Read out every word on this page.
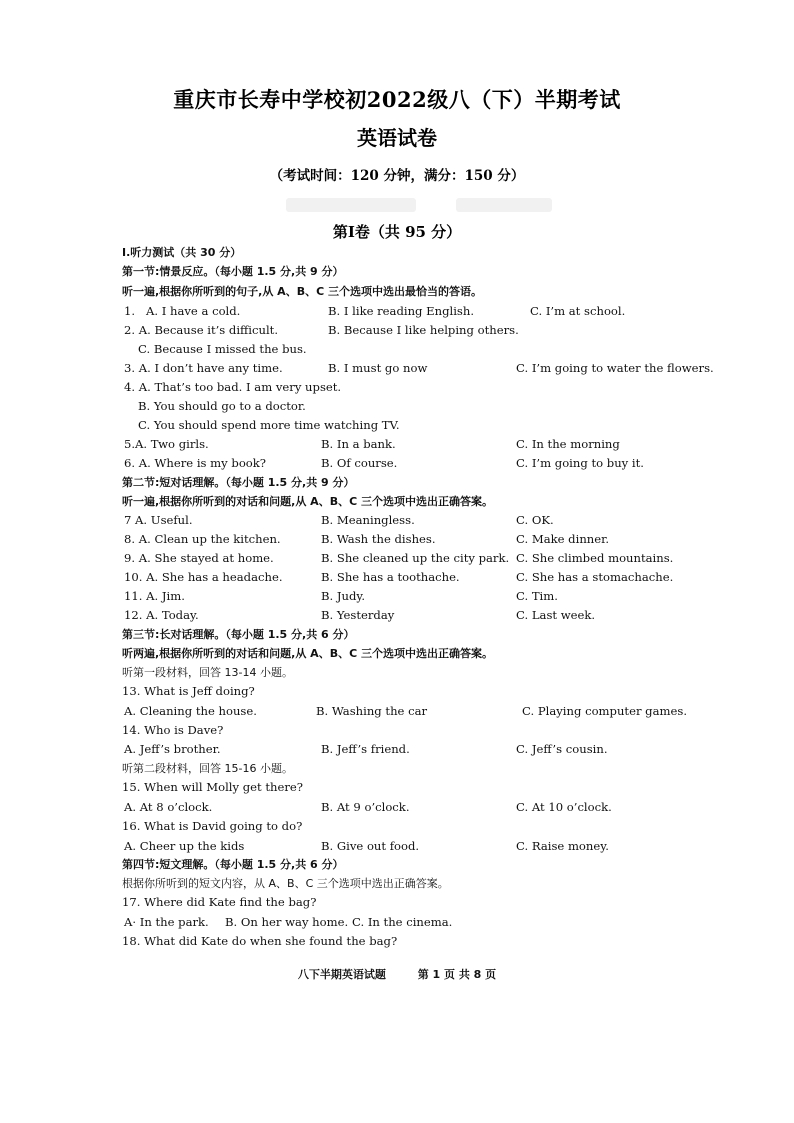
重庆市长寿中学校初2022级八（下）半期考试
英语试卷
（考试时间：120 分钟，满分：150 分）
第Ⅰ卷（共 95 分）
I.听力测试（共 30 分）
第一节:情景反应。（每小题 1.5 分,共 9 分）
听一遍,根据你所听到的句子,从 A、B、C 三个选项中选出最恰当的答语。
1. A. I have a cold.	B. I like reading English.	C. I’m at school.
2. A. Because it’s difficult.	B. Because I like helping others.
C. Because I missed the bus.
3. A. I don’t have any time.	B. I must go now	C. I’m going to water the flowers.
4. A. That’s too bad. I am very upset.
B. You should go to a doctor.
C. You should spend more time watching TV.
5.A. Two girls.	B. In a bank.	C. In the morning
6. A. Where is my book?	B. Of course.	C. I’m going to buy it.
第二节:短对话理解。（每小题 1.5 分,共 9 分）
听一遍,根据你所听到的对话和问题,从 A、B、C 三个选项中选出正确答案。
7 A. Useful.	B. Meaningless.	C. OK.
8. A. Clean up the kitchen.	B. Wash the dishes.	C. Make dinner.
9. A. She stayed at home.	B. She cleaned up the city park. C. She climbed mountains.
10. A. She has a headache.	B. She has a toothache.	C. She has a stomachache.
11. A. Jim.	B. Judy.	C. Tim.
12. A. Today.	B. Yesterday	C. Last week.
第三节:长对话理解。（每小题 1.5 分,共 6 分）
听两遍,根据你所听到的对话和问题,从 A、B、C 三个选项中选出正确答案。
听第一段材料，回答 13-14 小题。
13. What is Jeff doing?
A. Cleaning the house.	B. Washing the car	C. Playing computer games.
14. Who is Dave?
A. Jeff’s brother.	B. Jeff’s friend.	C. Jeff’s cousin.
听第二段材料，回答 15-16 小题。
15. When will Molly get there?
A. At 8 o’clock.	B. At 9 o’clock.	C. At 10 o’clock.
16. What is David going to do?
A. Cheer up the kids	B. Give out food.	C. Raise money.
第四节:短文理解。（每小题 1.5 分,共 6 分）
根据你所听到的短文内容，从 A、B、C 三个选项中选出正确答案。
17. Where did Kate find the bag?
A· In the park. B. On her way home. C. In the cinema.
18. What did Kate do when she found the bag?
八下半期英语试题	第 1 页 共 8 页
